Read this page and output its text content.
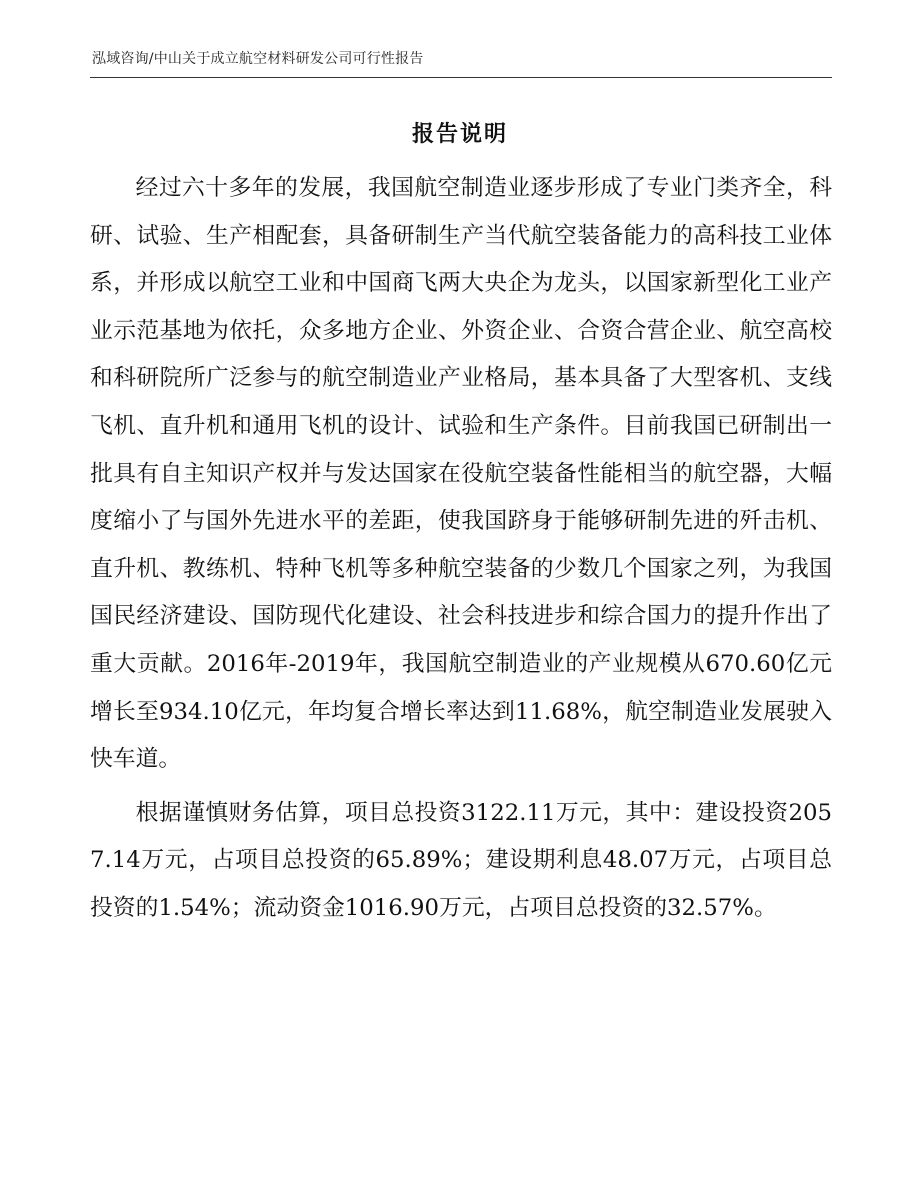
泓域咨询/中山关于成立航空材料研发公司可行性报告
报告说明

经过六十多年的发展，我国航空制造业逐步形成了专业门类齐全，科研、试验、生产相配套，具备研制生产当代航空装备能力的高科技工业体系，并形成以航空工业和中国商飞两大央企为龙头，以国家新型化工业产业示范基地为依托，众多地方企业、外资企业、合资合营企业、航空高校和科研院所广泛参与的航空制造业产业格局，基本具备了大型客机、支线飞机、直升机和通用飞机的设计、试验和生产条件。目前我国已研制出一批具有自主知识产权并与发达国家在役航空装备性能相当的航空器，大幅度缩小了与国外先进水平的差距，使我国跻身于能够研制先进的歼击机、直升机、教练机、特种飞机等多种航空装备的少数几个国家之列，为我国国民经济建设、国防现代化建设、社会科技进步和综合国力的提升作出了重大贡献。2016年-2019年，我国航空制造业的产业规模从670.60亿元增长至934.10亿元，年均复合增长率达到11.68%，航空制造业发展驶入快车道。

根据谨慎财务估算，项目总投资3122.11万元，其中：建设投资2057.14万元，占项目总投资的65.89%；建设期利息48.07万元，占项目总投资的1.54%；流动资金1016.90万元，占项目总投资的32.57%。
